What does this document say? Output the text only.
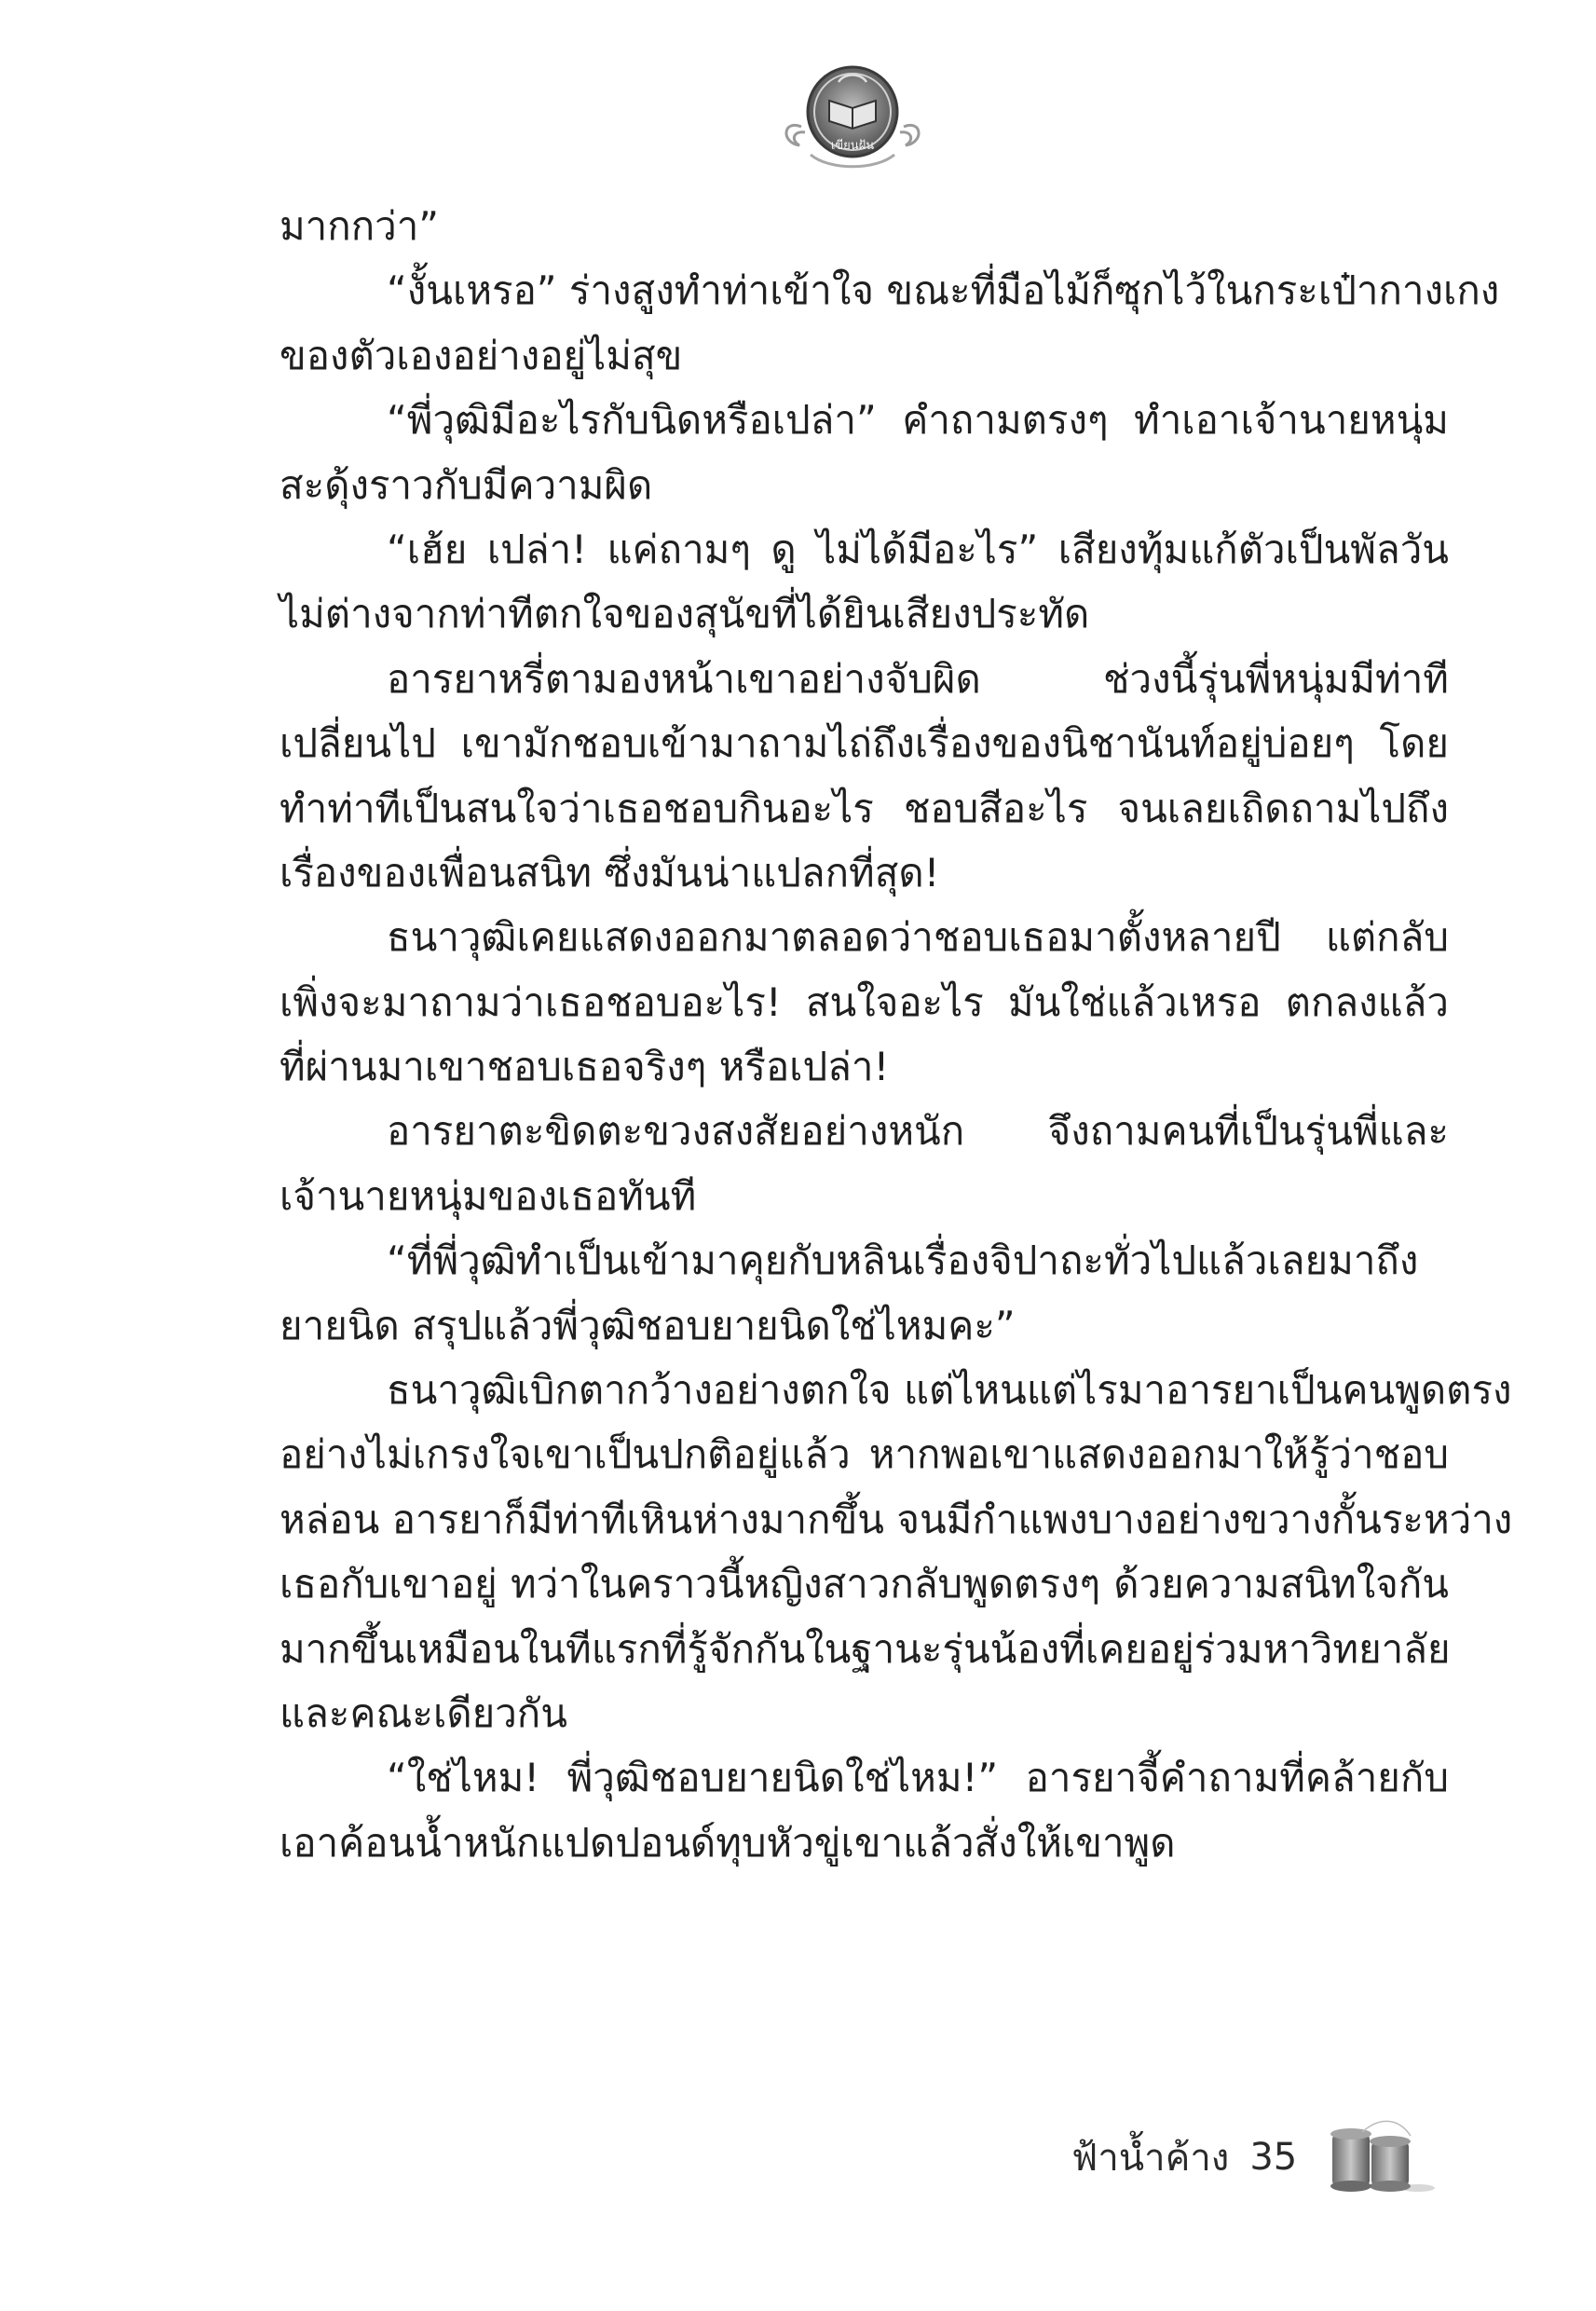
เขียนฝัน
มากกว่า”
“งั้นเหรอ” ร่างสูงทำท่าเข้าใจ ขณะที่มือไม้ก็ซุกไว้ในกระเป๋ากางเกง
ของตัวเองอย่างอยู่ไม่สุข
“พี่วุฒิมีอะไรกับนิดหรือเปล่า” คำถามตรงๆ ทำเอาเจ้านายหนุ่ม
สะดุ้งราวกับมีความผิด
“เฮ้ย เปล่า! แค่ถามๆ ดู ไม่ได้มีอะไร” เสียงทุ้มแก้ตัวเป็นพัลวัน
ไม่ต่างจากท่าทีตกใจของสุนัขที่ได้ยินเสียงประทัด
อารยาหรี่ตามองหน้าเขาอย่างจับผิด ช่วงนี้รุ่นพี่หนุ่มมีท่าที
เปลี่ยนไป เขามักชอบเข้ามาถามไถ่ถึงเรื่องของนิชานันท์อยู่บ่อยๆ โดย
ทำท่าทีเป็นสนใจว่าเธอชอบกินอะไร ชอบสีอะไร จนเลยเถิดถามไปถึง
เรื่องของเพื่อนสนิท ซึ่งมันน่าแปลกที่สุด!
ธนาวุฒิเคยแสดงออกมาตลอดว่าชอบเธอมาตั้งหลายปี แต่กลับ
เพิ่งจะมาถามว่าเธอชอบอะไร! สนใจอะไร มันใช่แล้วเหรอ ตกลงแล้ว
ที่ผ่านมาเขาชอบเธอจริงๆ หรือเปล่า!
อารยาตะขิดตะขวงสงสัยอย่างหนัก จึงถามคนที่เป็นรุ่นพี่และ
เจ้านายหนุ่มของเธอทันที
“ที่พี่วุฒิทำเป็นเข้ามาคุยกับหลินเรื่องจิปาถะทั่วไปแล้วเลยมาถึง
ยายนิด สรุปแล้วพี่วุฒิชอบยายนิดใช่ไหมคะ”
ธนาวุฒิเบิกตากว้างอย่างตกใจ แต่ไหนแต่ไรมาอารยาเป็นคนพูดตรง
อย่างไม่เกรงใจเขาเป็นปกติอยู่แล้ว หากพอเขาแสดงออกมาให้รู้ว่าชอบ
หล่อน อารยาก็มีท่าทีเหินห่างมากขึ้น จนมีกำแพงบางอย่างขวางกั้นระหว่าง
เธอกับเขาอยู่ ทว่าในคราวนี้หญิงสาวกลับพูดตรงๆ ด้วยความสนิทใจกัน
มากขึ้นเหมือนในทีแรกที่รู้จักกันในฐานะรุ่นน้องที่เคยอยู่ร่วมหาวิทยาลัย
และคณะเดียวกัน
“ใช่ไหม! พี่วุฒิชอบยายนิดใช่ไหม!” อารยาจี้คำถามที่คล้ายกับ
เอาค้อนน้ำหนักแปดปอนด์ทุบหัวขู่เขาแล้วสั่งให้เขาพูด
ฟ้าน้ำค้าง 35
